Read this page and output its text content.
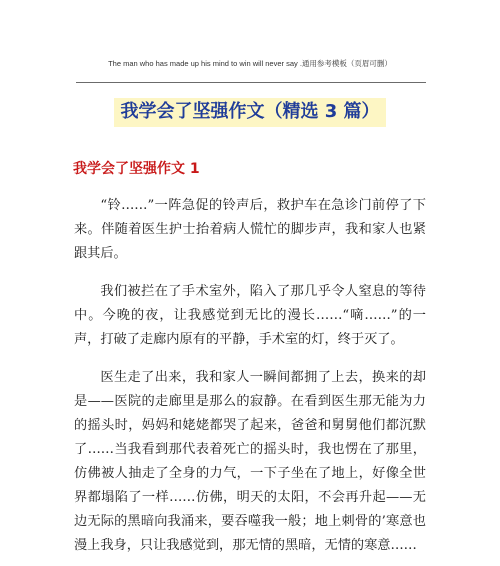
The man who has made up his mind to win will never say .通用参考模板（页眉可删）
我学会了坚强作文（精选 3 篇）
我学会了坚强作文 1

“铃……”一阵急促的铃声后，救护车在急诊门前停了下来。伴随着医生护士抬着病人慌忙的脚步声，我和家人也紧跟其后。

我们被拦在了手术室外，陷入了那几乎令人窒息的等待中。今晚的夜，让我感觉到无比的漫长……“嘀……”的一声，打破了走廊内原有的平静，手术室的灯，终于灭了。

医生走了出来，我和家人一瞬间都拥了上去，换来的却是——医院的走廊里是那么的寂静。在看到医生那无能为力的摇头时，妈妈和姥姥都哭了起来，爸爸和舅舅他们都沉默了……当我看到那代表着死亡的摇头时，我也愣在了那里，仿佛被人抽走了全身的力气，一下子坐在了地上，好像全世界都塌陷了一样……仿佛，明天的太阳，不会再升起——无边无际的黑暗向我涌来，要吞噬我一般；地上刺骨的’寒意也漫上我身，只让我感觉到，那无情的黑暗，无情的寒意……
